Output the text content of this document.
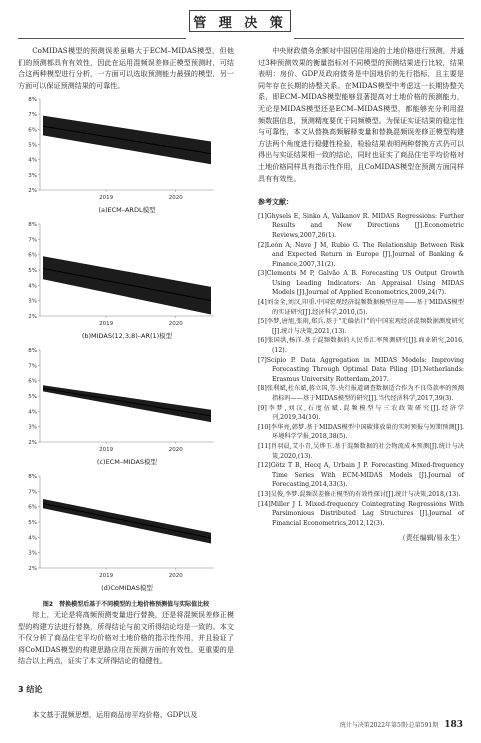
管 理 决 策

CoMIDAS模型的预测误差虽略大于ECM–MIDAS模型，但他们的预测都具有有效性，因此在运用混频误差修正模型预测时，可结合这两种模型进行分析，一方面可以选取预测能力最强的模型，另一方面可以保证预测结果的可靠性。

8%
7%
6%
5%
4%
3%
2%
2019	2020
(a)ECM–ARDL模型
8%
7%
6%
5%
4%
3%
2%
2019	2020
(b)MIDAS(12,3,8)–AR(1)模型
8%
7%
6%
5%
4%
3%
2%
2019	2020
(c)ECM–MIDAS模型
8%
7%
6%
5%
4%
3%
2%
2019	2020
(d)CoMIDAS模型
图2　替换模型后基于不同模型的土地价格预测值与实际值比较

综上，无论是将高频预测变量进行替换，还是将混频误差修正模型的构建方法进行替换，所得结论与前文所得结论均是一致的。本文不仅分析了商品住宅平均价格对土地价格的指示性作用，并且验证了将CoMIDAS模型的构建思路应用在预测方面的有效性，更重要的是结合以上两点，证实了本文所得结论的稳健性。

3 结论

本文基于混频思想，运用商品房平均价格、GDP以及

中央财政债务余额对中国居住用途的土地价格进行预测，并通过3种预测效果的衡量指标对不同模型的预测结果进行比较，结果表明：房价、GDP及政府债务是中国地价的先行指标，且主要是同年存在长期的协整关系。在MIDAS模型中考虑这一长期协整关系，即ECM–MIDAS模型能够显著提高对土地价格的预测能力，无论是MIDAS模型还是ECM–MIDAS模型，都能够充分利用混频数据信息，预测精度要优于同频模型。为保证实证结果的稳定性与可靠性，本文从替换高频解释变量和替换混频误差修正模型构建方法两个角度进行稳健性检验，检验结果表明两种替换方式仍可以得出与实证结果相一致的结论，同时也证实了商品住宅平均价格对土地价格同样具有指示性作用，且CoMIDAS模型在预测方面同样具有有效性。

参考文献：
[1]Ghysels E, Sinko A, Valkanov R. MIDAS Regressions: Further Results and New Directions [J].Econometric Reviews,2007,26(1).
[2]León A, Nave J M, Rubio G. The Relationship Between Risk and Expected Return in Europe [J].Journal of Banking & Finance,2007,31(2).
[3]Clements M P, Galvão A B. Forecasting US Output Growth Using Leading Indicators: An Appraisal Using MIDAS Models [J].Journal of Applied Econometrics,2009,24(7).
[4]刘金全,刘汉,印重.中国宏观经济混频数据模型应用——基于MIDAS模型的实证研究[J].经济科学,2010,(5).
[5]李梦,唐旭,张雨,郑兵.基于"无偏估计"的中国宏观经济混频数据测度研究[J].统计与决策,2021,(13).
[6]张国洪,杨洋.基于混频数据的人民币汇率预测研究[J].商业研究,2016,(12).
[7]Scipio P. Data Aggregation in MIDAS Models: Improving Forecasting Through Optimal Data Piling [D].Netherlands: Erasmus University Rotterdam,2017.
[8]张利斌,杜东斌,蒋立国,等.央行报道调查数据适合作为不良贷款率的预测指标吗——基于MIDAS模型的研究[J].当代经济科学,2017,39(3).
[9]李梦,刘汉,石度伍斌.混频模型与三农政策研究[J].经济学刊,2019,34(10).
[10]李华亮,韩梦.基于MIDAS模型中国碳排放量的实时预报与短期预测[J].环境科学学报,2018,38(5).
[11]肖羽晨,艾小青,吴烨玉.基于混频数据的社会物流成本预测[J].统计与决策,2020,(13).
[12]Götz T B, Hecq A, Urbain J P. Forecasting Mixed-frequency Time Series With ECM-MIDAS Models [J].Journal of Forecasting,2014,33(3).
[13]吴俊,李梦.混频误差修正模型的有效性探讨[J].统计与决策,2018,(13).
[14]Miller J I. Mixed-frequency Cointegrating Regressions With Parsimonious Distributed Lag Structures [J].Journal of Financial Econometrics,2012,12(3).
（责任编辑/易永生）
统计与决策2022年第5期·总第591期 183
